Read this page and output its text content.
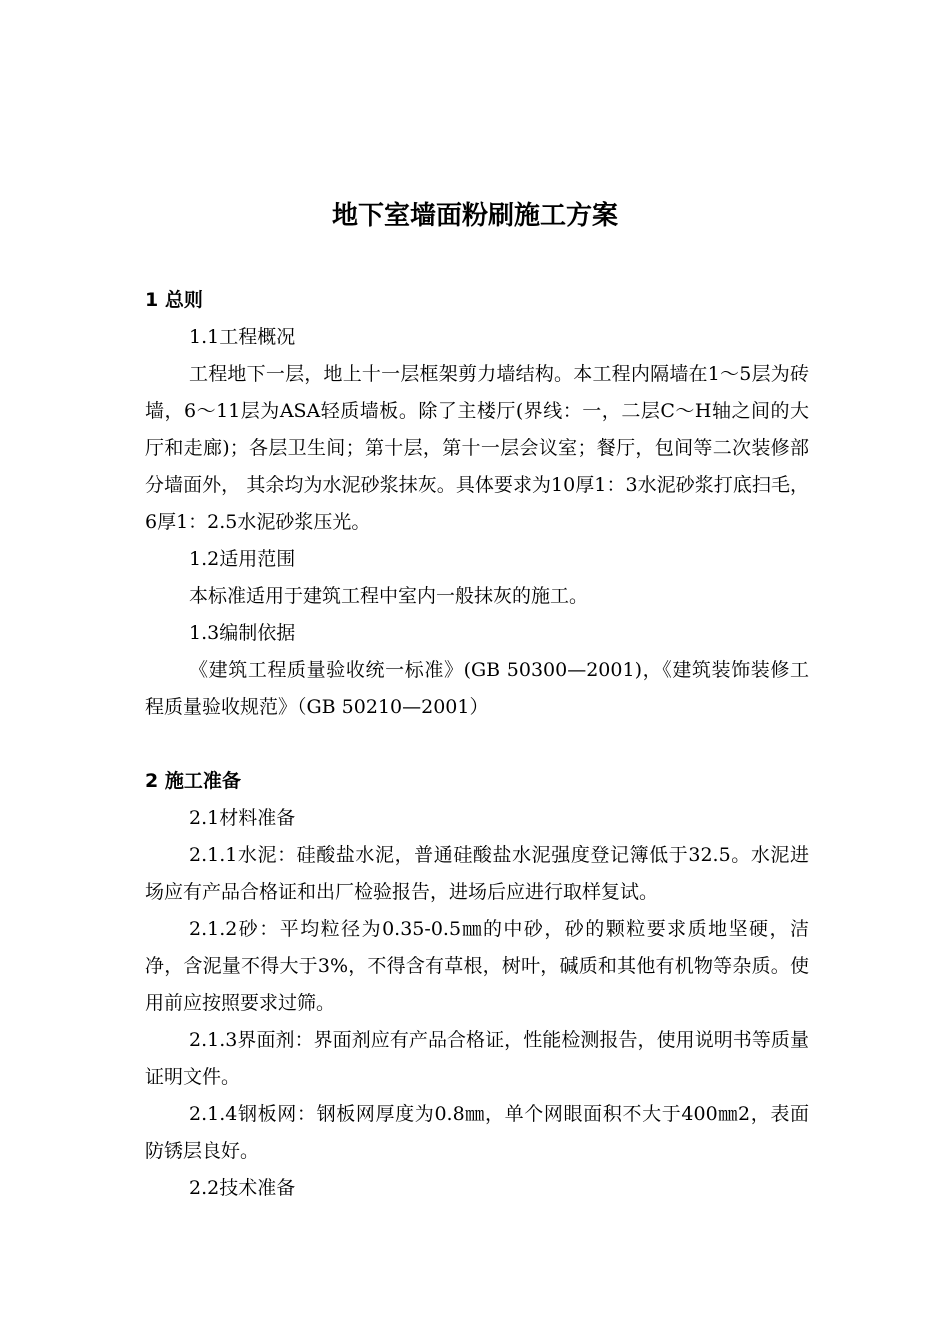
地下室墙面粉刷施工方案

1 总则

1.1工程概况

工程地下一层，地上十一层框架剪力墙结构。本工程内隔墙在1～5层为砖墙，6～11层为ASA轻质墙板。除了主楼厅(界线：一，二层C～H轴之间的大厅和走廊)；各层卫生间；第十层，第十一层会议室；餐厅，包间等二次装修部分墙面外， 其余均为水泥砂浆抹灰。具体要求为10厚1：3水泥砂浆打底扫毛，6厚1：2.5水泥砂浆压光。

1.2适用范围

本标准适用于建筑工程中室内一般抹灰的施工。

1.3编制依据

《建筑工程质量验收统一标准》(GB 50300—2001)，《建筑装饰装修工程质量验收规范》（GB 50210—2001）

2 施工准备

2.1材料准备

2.1.1水泥：硅酸盐水泥，普通硅酸盐水泥强度登记簿低于32.5。水泥进场应有产品合格证和出厂检验报告，进场后应进行取样复试。

2.1.2砂：平均粒径为0.35-0.5㎜的中砂，砂的颗粒要求质地坚硬，洁净，含泥量不得大于3%，不得含有草根，树叶，碱质和其他有机物等杂质。使用前应按照要求过筛。

2.1.3界面剂：界面剂应有产品合格证，性能检测报告，使用说明书等质量证明文件。

2.1.4钢板网：钢板网厚度为0.8㎜，单个网眼面积不大于400㎜2，表面防锈层良好。

2.2技术准备
